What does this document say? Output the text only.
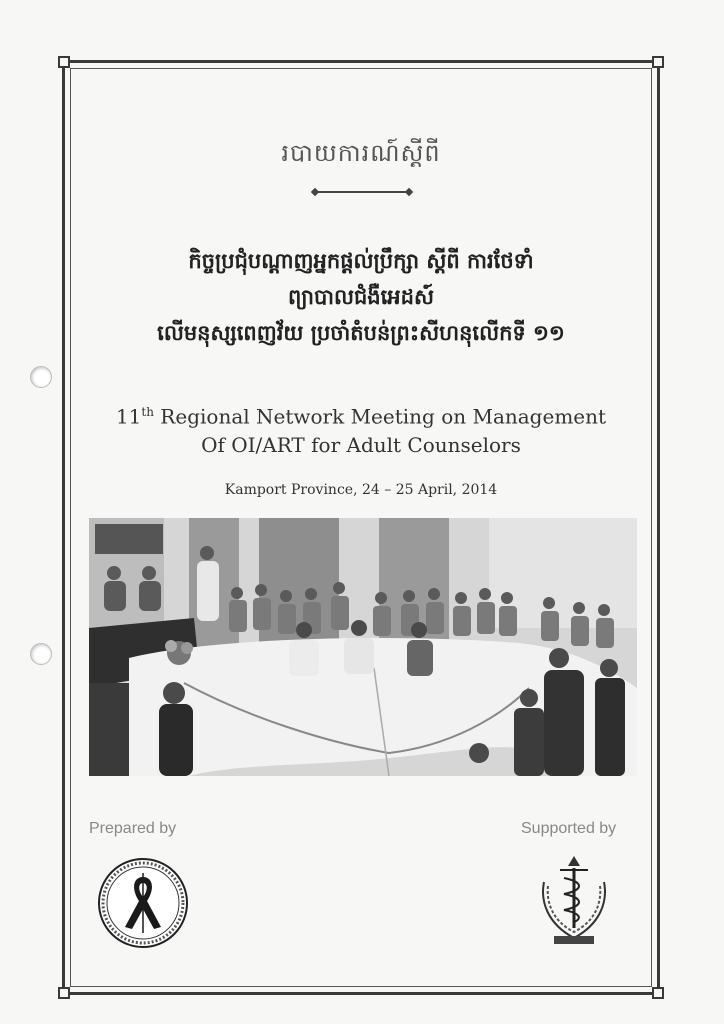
របាយការណ៍ស្ដីពី
កិច្ចប្រជុំបណ្ដាញអ្នកផ្ដល់ប្រឹក្សា ស្ដីពី ការថែទាំ
ព្យាបាលជំងឺអេដស៍
លើមនុស្សពេញវ័យ ប្រចាំតំបន់ព្រះសីហនុលើកទី ១១
11th Regional Network Meeting on Management
Of OI/ART for Adult Counselors
Kamport Province, 24 – 25 April, 2014
Prepared by	Supported by
